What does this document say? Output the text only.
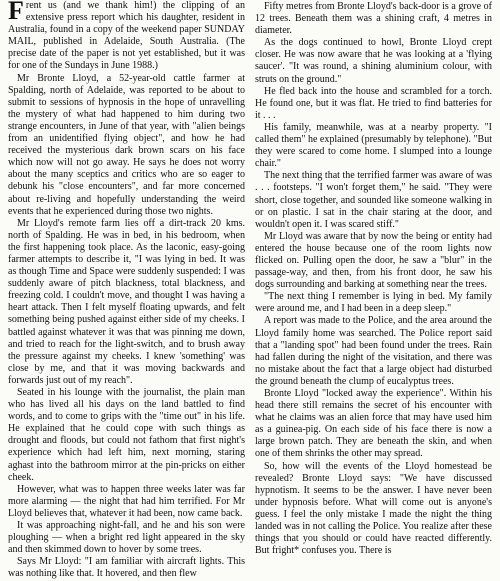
Frent us (and we thank him!) the clipping of an extensive press report which his daughter, resident in Australia, found in a copy of the weekend paper SUNDAY MAIL, published in Adelaide, South Australia. (The precise date of the paper is not yet established, but it was for one of the Sundays in June 1988.)

Mr Bronte Lloyd, a 52-year-old cattle farmer at Spalding, north of Adelaide, was reported to be about to submit to sessions of hypnosis in the hope of unravelling the mystery of what had happened to him during two strange encounters, in June of that year, with "alien beings from an unidentified flying object", and how he had received the mysterious dark brown scars on his face which now will not go away. He says he does not worry about the many sceptics and critics who are so eager to debunk his "close encounters", and far more concerned about re-living and hopefully understanding the weird events that he experienced during those two nights.

Mr Lloyd's remote farm lies off a dirt-track 20 kms. north of Spalding. He was in bed, in his bedroom, when the first happening took place. As the laconic, easy-going farmer attempts to describe it, "I was lying in bed. It was as though Time and Space were suddenly suspended: I was suddenly aware of pitch blackness, total blackness, and freezing cold. I couldn't move, and thought I was having a heart attack. Then I felt myself floating upwards, and felt something being pushed against either side of my cheeks. I battled against whatever it was that was pinning me down, and tried to reach for the light-switch, and to brush away the pressure against my cheeks. I knew 'something' was close by me, and that it was moving backwards and forwards just out of my reach".

Seated in his lounge with the journalist, the plain man who has lived all his days on the land battled to find words, and to come to grips with the "time out" in his life. He explained that he could cope with such things as drought and floods, but could not fathom that first night's experience which had left him, next morning, staring aghast into the bathroom mirror at the pin-pricks on either cheek.

However, what was to happen three weeks later was far more alarming — the night that had him terrified. For Mr Lloyd believes that, whatever it had been, now came back.

It was approaching night-fall, and he and his son were ploughing — when a bright red light appeared in the sky and then skimmed down to hover by some trees.

Says Mr Lloyd: "I am familiar with aircraft lights. This was nothing like that. It hovered, and then flew

Fifty metres from Bronte Lloyd's back-door is a grove of 12 trees. Beneath them was a shining craft, 4 metres in diameter.

As the dogs continued to howl, Bronte Lloyd crept closer. He was now aware that he was looking at a 'flying saucer'. "It was round, a shining aluminium colour, with struts on the ground."

He fled back into the house and scrambled for a torch. He found one, but it was flat. He tried to find batteries for it . . .

His family, meanwhile, was at a nearby property. "I called them" he explained (presumably by telephone). "But they were scared to come home. I slumped into a lounge chair."

The next thing that the terrified farmer was aware of was . . . footsteps. "I won't forget them," he said. "They were short, close together, and sounded like someone walking in or on plastic. I sat in the chair staring at the door, and wouldn't open it. I was scared stiff."

Mr Lloyd was aware that by now the being or entity had entered the house because one of the room lights now flicked on. Pulling open the door, he saw a "blur" in the passage-way, and then, from his front door, he saw his dogs surrounding and barking at something near the trees.

"The next thing I remember is lying in bed. My family were around me, and I had been in a deep sleep."

A report was made to the Police, and the area around the Lloyd family home was searched. The Police report said that a "landing spot" had been found under the trees. Rain had fallen during the night of the visitation, and there was no mistake about the fact that a large object had disturbed the ground beneath the clump of eucalyptus trees.

Bronte Lloyd "locked away the experience". Within his head there still remains the secret of his encounter with what he claims was an alien force that may have used him as a guinea-pig. On each side of his face there is now a large brown patch. They are beneath the skin, and when one of them shrinks the other may spread.

So, how will the events of the Lloyd homestead be revealed? Bronte Lloyd says: "We have discussed hypnotism. It seems to be the answer. I have never been under hypnosis before. What will come out is anyone's guess. I feel the only mistake I made the night the thing landed was in not calling the Police. You realize after these things that you should or could have reacted differently. But fright* confuses you. There is
